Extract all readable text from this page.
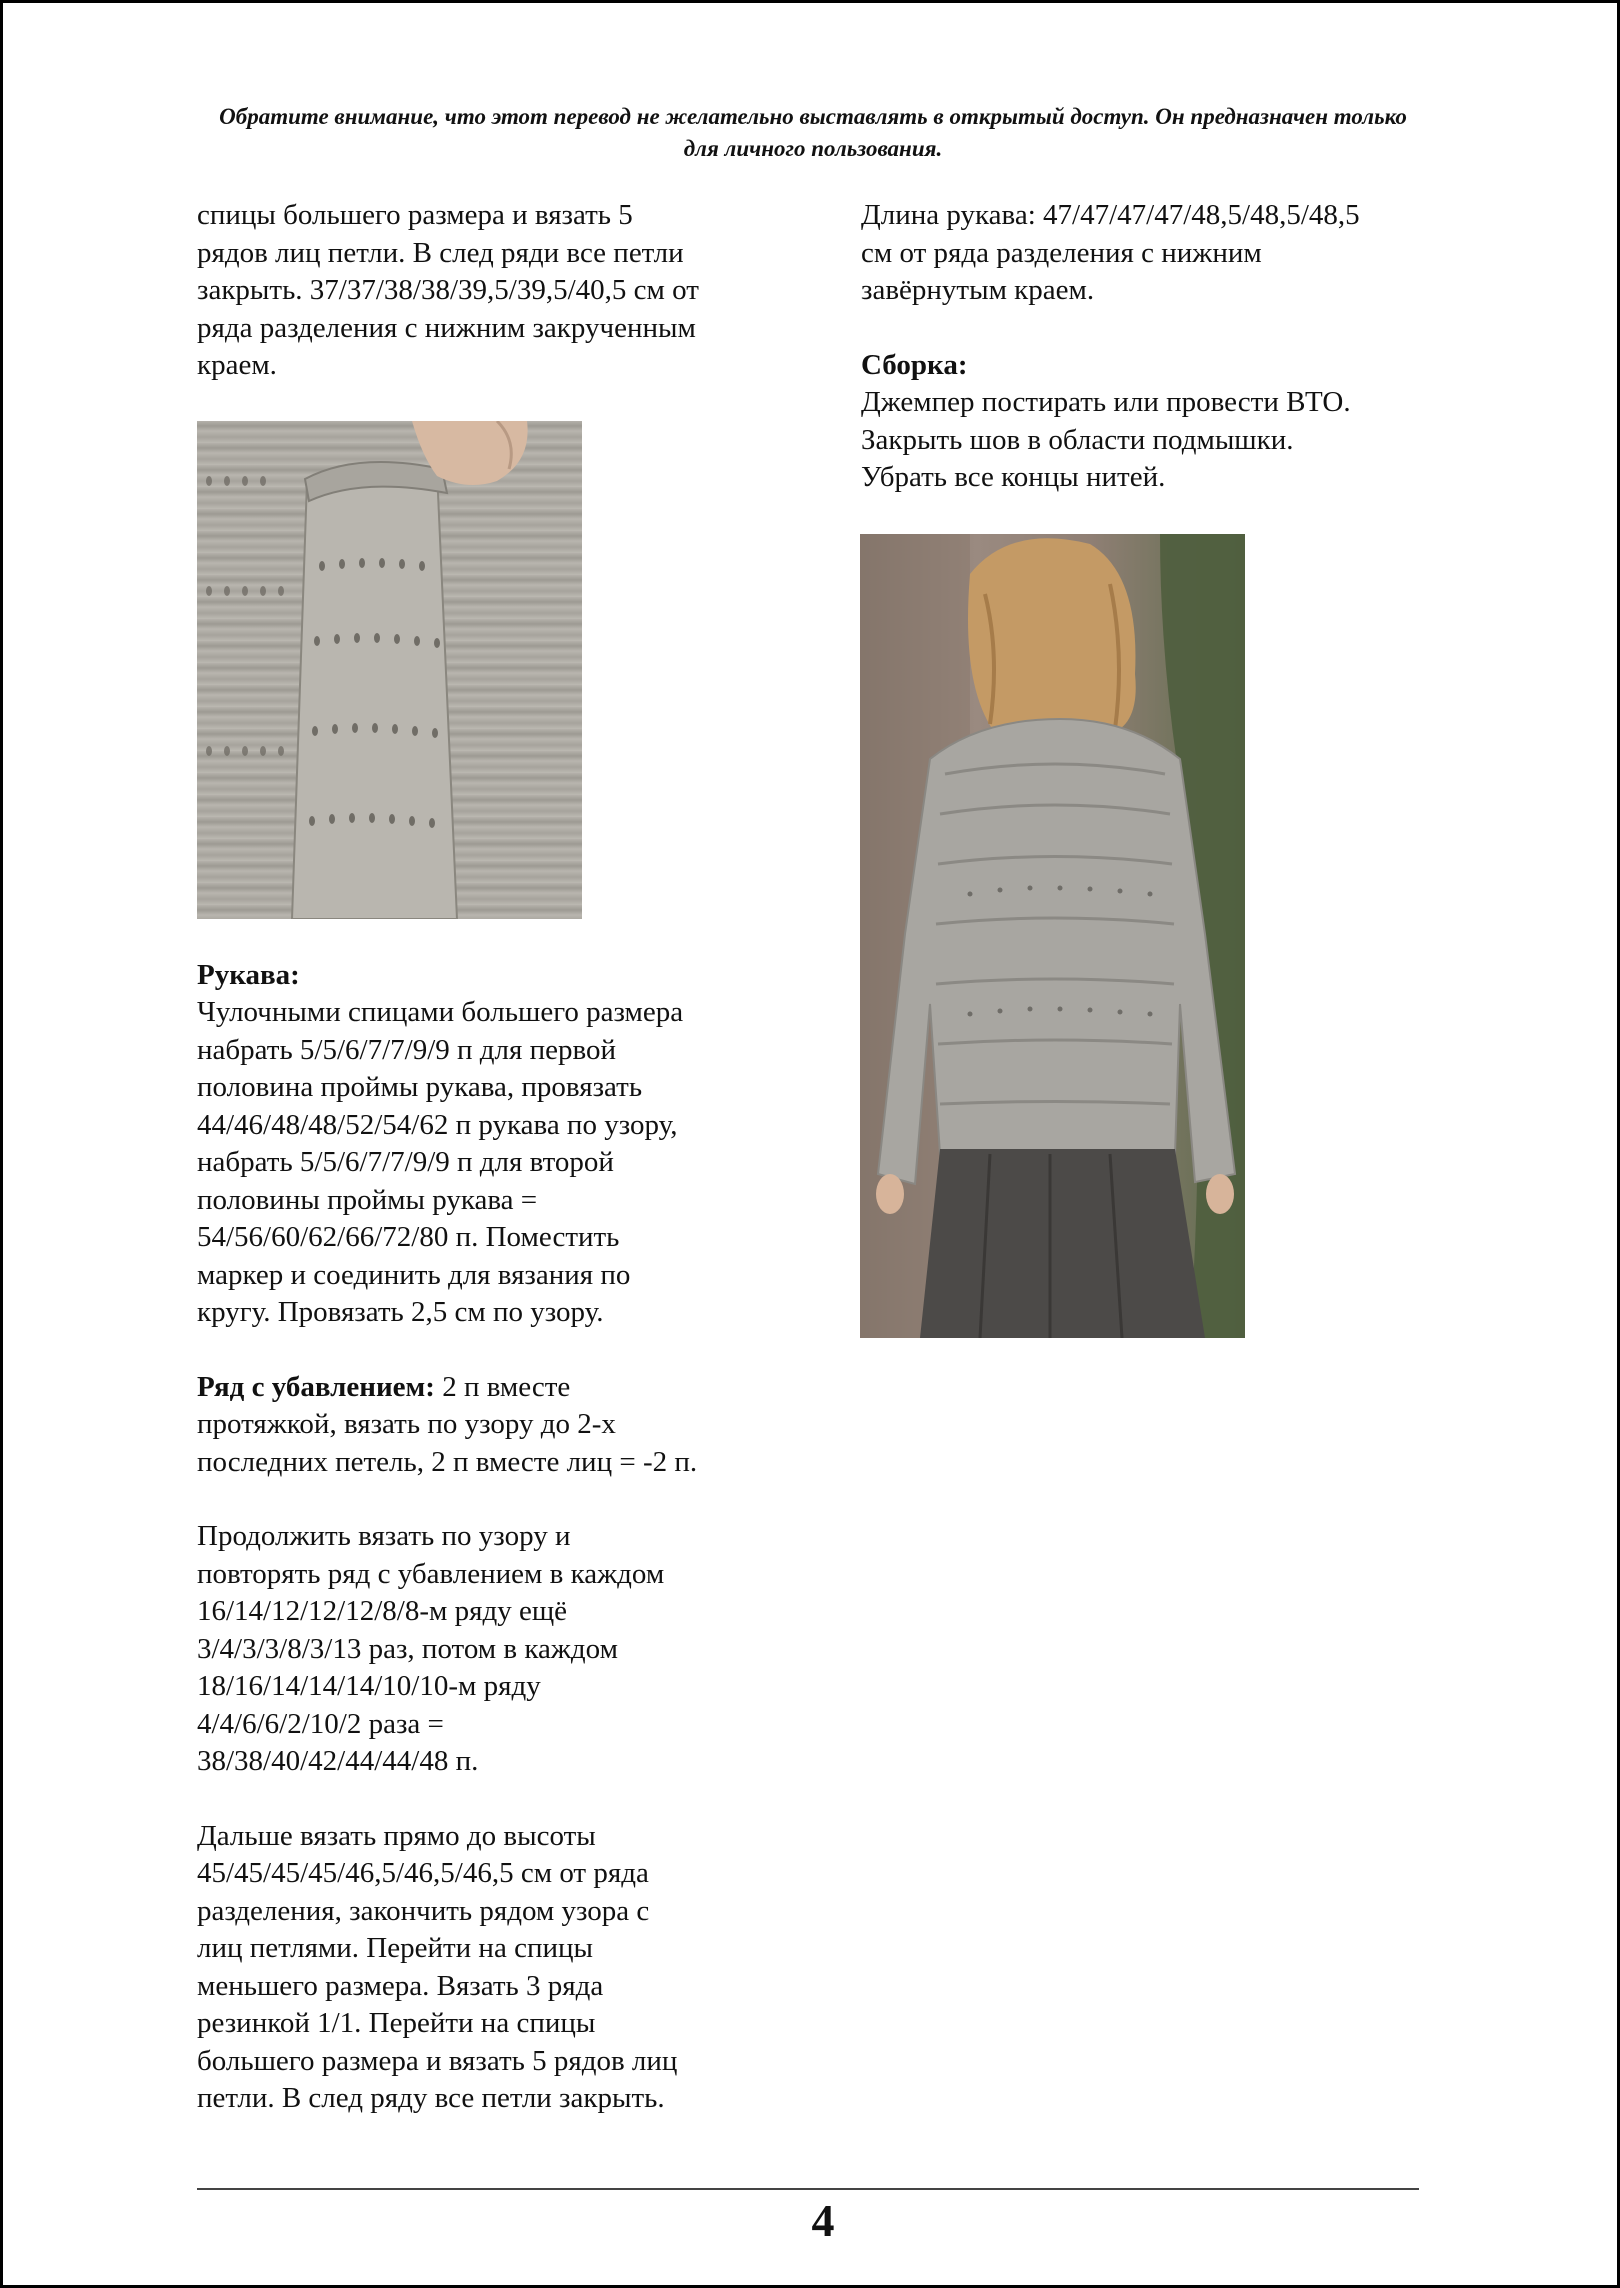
Обратите внимание, что этот перевод не желательно выставлять в открытый доступ. Он предназначен только для личного пользования.

спицы большего размера и вязать 5
рядов лиц петли. В след ряди все петли
закрыть. 37/37/38/38/39,5/39,5/40,5 см от
ряда разделения с нижним закрученным
краем.

Рукава:

Чулочными спицами большего размера
набрать 5/5/6/7/7/9/9 п для первой
половина проймы рукава, провязать
44/46/48/48/52/54/62 п рукава по узору,
набрать 5/5/6/7/7/9/9 п для второй
половины проймы рукава =
54/56/60/62/66/72/80 п. Поместить
маркер и соединить для вязания по
кругу. Провязать 2,5 см по узору.

Ряд с убавлением: 2 п вместе
протяжкой, вязать по узору до 2-х
последних петель, 2 п вместе лиц = -2 п.

Продолжить вязать по узору и
повторять ряд с убавлением в каждом
16/14/12/12/12/8/8-м ряду ещё
3/4/3/3/8/3/13 раз, потом в каждом
18/16/14/14/14/10/10-м ряду
4/4/6/6/2/10/2 раза =
38/38/40/42/44/44/48 п.

Дальше вязать прямо до высоты
45/45/45/45/46,5/46,5/46,5 см от ряда
разделения, закончить рядом узора с
лиц петлями. Перейти на спицы
меньшего размера. Вязать 3 ряда
резинкой 1/1. Перейти на спицы
большего размера и вязать 5 рядов лиц
петли. В след ряду все петли закрыть.

Длина рукава: 47/47/47/47/48,5/48,5/48,5
см от ряда разделения с нижним
завёрнутым краем.

Сборка:

Джемпер постирать или провести ВТО.
Закрыть шов в области подмышки.
Убрать все концы нитей.

4
